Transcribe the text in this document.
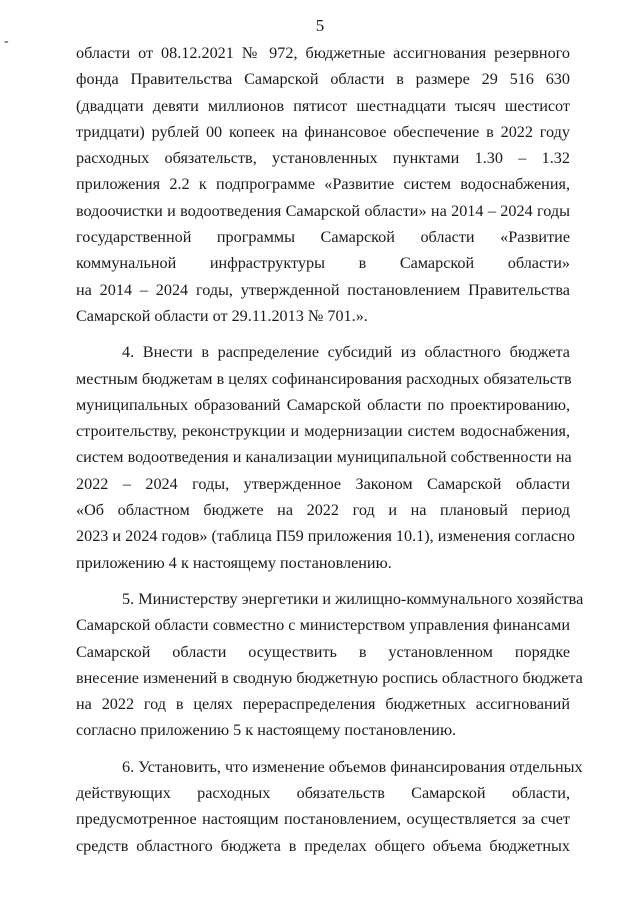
-
5
области от 08.12.2021 № 972, бюджетные ассигнования резервного
фонда Правительства Самарской области в размере 29 516 630
(двадцати девяти миллионов пятисот шестнадцати тысяч шестисот
тридцати) рублей 00 копеек на финансовое обеспечение в 2022 году
расходных обязательств, установленных пунктами 1.30 – 1.32
приложения 2.2 к подпрограмме «Развитие систем водоснабжения,
водоочистки и водоотведения Самарской области» на 2014 – 2024 годы
государственной программы Самарской области «Развитие
коммунальной инфраструктуры в Самарской области»
на 2014 – 2024 годы, утвержденной постановлением Правительства
Самарской области от 29.11.2013 № 701.».
4. Внести в распределение субсидий из областного бюджета
местным бюджетам в целях софинансирования расходных обязательств
муниципальных образований Самарской области по проектированию,
строительству, реконструкции и модернизации систем водоснабжения,
систем водоотведения и канализации муниципальной собственности на
2022 – 2024 годы, утвержденное Законом Самарской области
«Об областном бюджете на 2022 год и на плановый период
2023 и 2024 годов» (таблица П59 приложения 10.1), изменения согласно
приложению 4 к настоящему постановлению.
5. Министерству энергетики и жилищно-коммунального хозяйства
Самарской области совместно с министерством управления финансами
Самарской области осуществить в установленном порядке
внесение изменений в сводную бюджетную роспись областного бюджета
на 2022 год в целях перераспределения бюджетных ассигнований
согласно приложению 5 к настоящему постановлению.
6. Установить, что изменение объемов финансирования отдельных
действующих расходных обязательств Самарской области,
предусмотренное настоящим постановлением, осуществляется за счет
средств областного бюджета в пределах общего объема бюджетных
